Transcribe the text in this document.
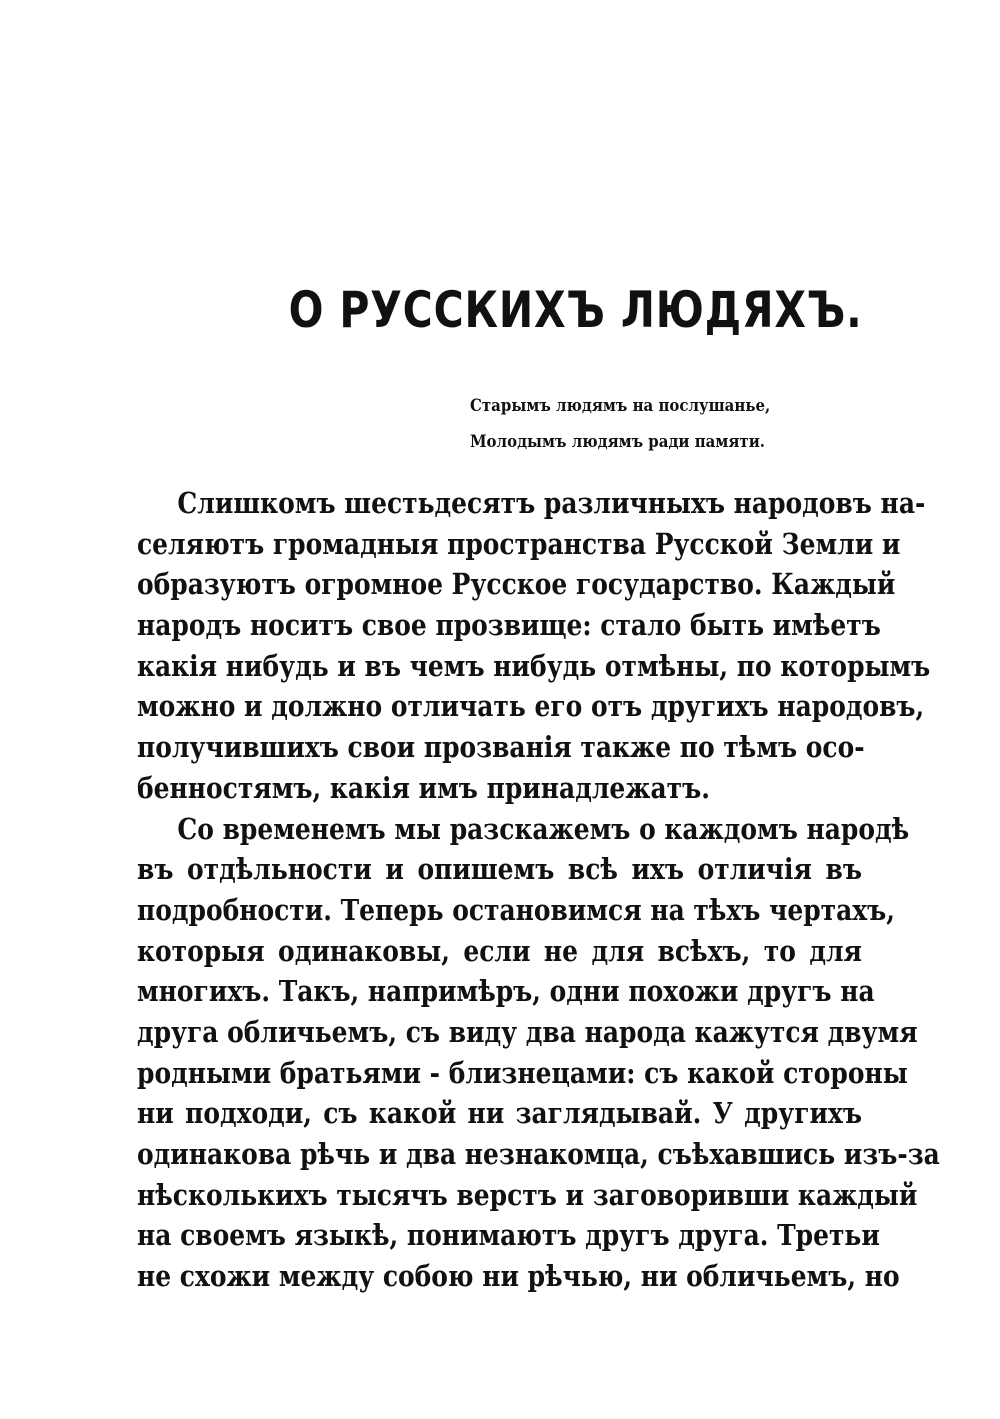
О РУССКИХЪ ЛЮДЯХЪ.
Старымъ людямъ на послушанье,
Молодымъ людямъ ради памяти.
Слишкомъ шестьдесятъ различныхъ народовъ на-
селяютъ громадныя пространства Русской Земли и
образуютъ огромное Русское государство. Каждый
народъ носитъ свое прозвище: стало быть имѣетъ
какія нибудь и въ чемъ нибудь отмѣны, по которымъ
можно и должно отличать его отъ другихъ народовъ,
получившихъ свои прозванія также по тѣмъ осо-
бенностямъ, какія имъ принадлежатъ.
Со временемъ мы разскажемъ о каждомъ народѣ
въ отдѣльности и опишемъ всѣ ихъ отличія въ
подробности. Теперь остановимся на тѣхъ чертахъ,
которыя одинаковы, если не для всѣхъ, то для
многихъ. Такъ, напримѣръ, одни похожи другъ на
друга обличьемъ, съ виду два народа кажутся двумя
родными братьями - близнецами: съ какой стороны
ни подходи, съ какой ни заглядывай. У другихъ
одинакова рѣчь и два незнакомца, съѣхавшись изъ-за
нѣсколькихъ тысячъ верстъ и заговоривши каждый
на своемъ языкѣ, понимаютъ другъ друга. Третьи
не схожи между собою ни рѣчью, ни обличьемъ, но
